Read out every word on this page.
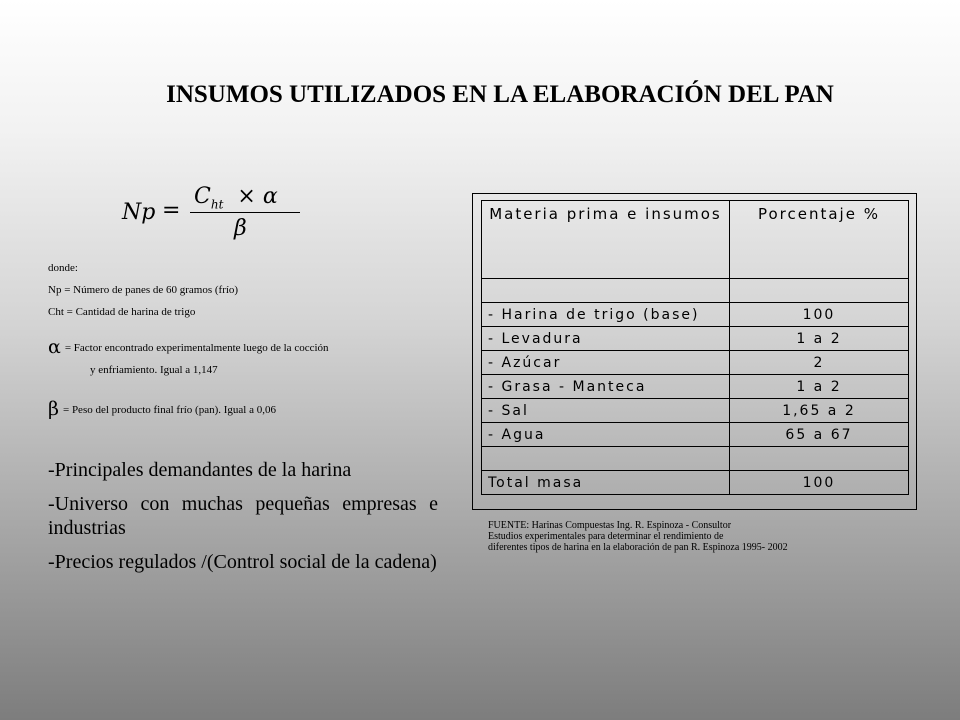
INSUMOS UTILIZADOS EN LA ELABORACIÓN DEL PAN
Np =
$C_{ht} \times \alpha$
β
donde:
Np = Número de panes de 60 gramos (frío)
Cht = Cantidad de harina de trigo
α = Factor encontrado experimentalmente luego de la cocción
y enfriamiento. Igual a 1,147
β = Peso del producto final frío (pan). Igual a 0,06
-Principales demandantes de la harina
-Universo con muchas pequeñas empresas e industrias
-Precios regulados /(Control social de la cadena)
Materia prima e insumos	Porcentaje %

- Harina de trigo (base)	100
- Levadura	1 a 2
- Azúcar	2
- Grasa - Manteca	1 a 2
- Sal	1,65 a 2
- Agua	65 a 67

Total masa	100
FUENTE: Harinas Compuestas Ing. R. Espinoza - Consultor
Estudios experimentales para determinar el rendimiento de
diferentes tipos de harina en la elaboración de pan R. Espinoza 1995- 2002
